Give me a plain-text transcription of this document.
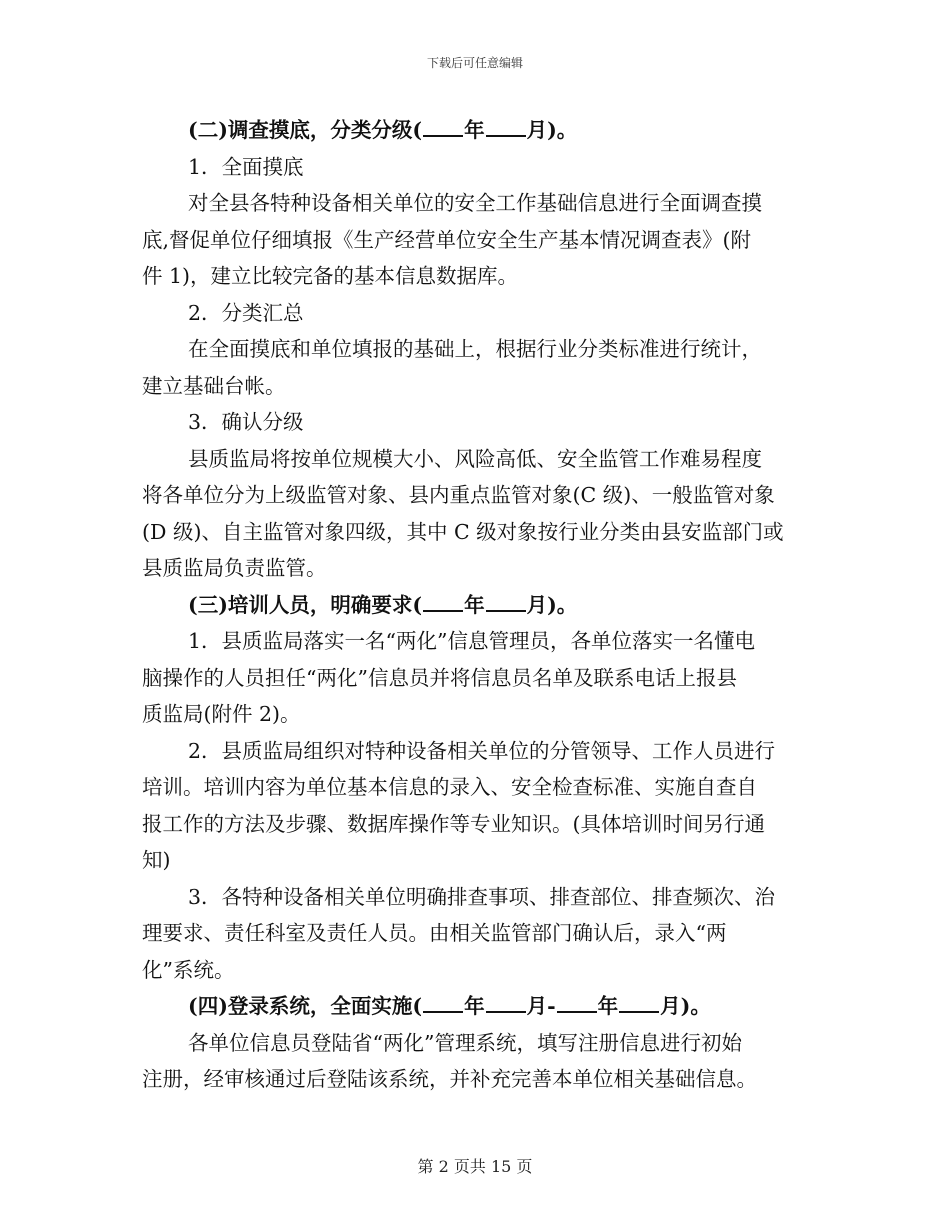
下载后可任意编辑
(二)调查摸底，分类分级( 年 月)。
1．全面摸底
对全县各特种设备相关单位的安全工作基础信息进行全面调查摸
底,督促单位仔细填报《生产经营单位安全生产基本情况调查表》(附
件 1)，建立比较完备的基本信息数据库。
2．分类汇总
在全面摸底和单位填报的基础上，根据行业分类标准进行统计，
建立基础台帐。
3．确认分级
县质监局将按单位规模大小、风险高低、安全监管工作难易程度
将各单位分为上级监管对象、县内重点监管对象(C 级)、一般监管对象
(D 级)、自主监管对象四级，其中 C 级对象按行业分类由县安监部门或
县质监局负责监管。
(三)培训人员，明确要求( 年 月)。
1．县质监局落实一名“两化”信息管理员，各单位落实一名懂电
脑操作的人员担任“两化”信息员并将信息员名单及联系电话上报县
质监局(附件 2)。
2．县质监局组织对特种设备相关单位的分管领导、工作人员进行
培训。培训内容为单位基本信息的录入、安全检查标准、实施自查自
报工作的方法及步骤、数据库操作等专业知识。(具体培训时间另行通
知)
3．各特种设备相关单位明确排查事项、排查部位、排查频次、治
理要求、责任科室及责任人员。由相关监管部门确认后，录入“两
化”系统。
(四)登录系统，全面实施( 年 月- 年 月)。
各单位信息员登陆省“两化”管理系统，填写注册信息进行初始
注册，经审核通过后登陆该系统，并补充完善本单位相关基础信息。
第 2 页共 15 页
